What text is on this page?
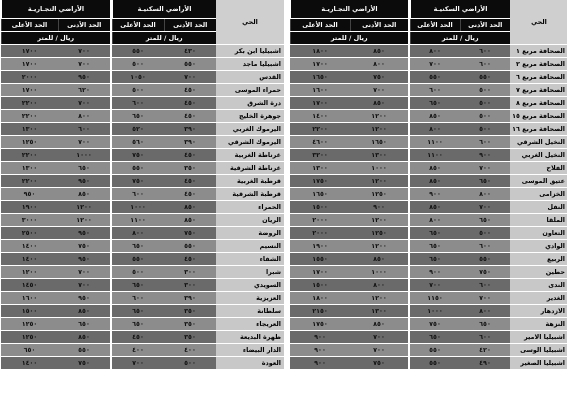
الحي	الأراضي السكنيـة			الأراضي التجـاريـة	
	الحد الأدنى	الحد الأعلى		الحد الأدنى	الحد الأعلى
	ريال / للمتر			ريال / للمتر	
الصحافة مربع ١	٦٠٠	٨٠٠		٨٥٠	١٨٠٠
الصحافة مربع ٢	٦٠٠	٧٠٠		٨٠٠	١٧٠٠
الصحافة مربع ٦	٥٥٠	٥٥٠		٧٥٠	١٦٥٠
الصحافة مربع ٧	٥٠٠	٦٠٠		٧٠٠	١٦٠٠
الصحافة مربع ٨	٥٠٠	٦٥٠		٨٥٠	١٧٠٠
الصحافة مربع ١٥	٥٠٠	٨٥٠		١٢٠٠	١٤٠٠
الصحافة مربع ١٦	٥٠٠	٨٠٠		١٢٠٠	٢٢٠٠
النخيل الشرقي	٦٠٠	١١٠٠		١٦٥٠	٤٦٠٠
النخيل الغربي	٩٠٠	١١٠٠		١٣٠٠	٣٢٠٠
الفلاح	٧٠٠	٨٥٠		١٠٠٠	١٣٠٠
عتيق الموسى	٦٥٠	٨٥٠		١٢٠٠	١٧٥٠
الخزامى	٨٠٠	٩٠٠		١٢٥٠	١٦٥٠
النفل	٧٠٠	٨٥٠		٩٠٠	١٥٠٠
الملقا	٦٥٠	٨٠٠		١٢٠٠	٢٠٠٠
التعاون	٥٠٠	٦٥٠		١٢٥٠	٢٠٠٠
الوادي	٦٠٠	٦٥٠		١٢٠٠	١٩٠٠
الربيع	٥٥٠	٦٥٠		٨٥٠	١٥٥٠
حطين	٧٥٠	٩٠٠		١٠٠٠	١٧٠٠
الندى	٦٠٠	٧٠٠		٨٠٠	١٥٠٠
الغدير	٧٠٠	١١٥٠		١٢٠٠	١٨٠٠
الازدهار	٨٠٠	١٠٠٠		١٣٠٠	٢١٥٠
النزهة	٦٥٠	٧٥٠		٨٥٠	١٧٥٠
اشبيليا الامير	٦٠٠	٦٥٠		٧٠٠	٩٠٠
اشبيليا الوسى	٤٢٠	٥٥٠		٧٠٠	٩٠٠
اشبيليا الصغير	٤٩٠	٥٥٠		٧٥٠	٩٠٠
الحي	الأراضي السكنيـة			الأراضي التجـاريـة	
	الحد الأدنى	الحد الأعلى		الحد الأدنى	الحد الأعلى
	ريال / للمتر			ريال / للمتر	
اشبيليا ابن بكر	٤٣٠	٥٥٠		٧٠٠	١٧٠٠
اشبيليا ماجد	٥٥٠	٥٠٠		٧٠٠	١٧٠٠
القدس	٧٠٠	١٠٥٠		٩٥٠	٢٠٠٠
حمراء الموسى	٤٥٠	٥٠٠		٦٢٠	١٧٠٠
درة الشرق	٤٥٠	٦٠٠		٧٠٠	٢٢٠٠
جوهرة الخليج	٤٥٠	٦٥٠		٨٠٠	٢٢٠٠
اليرموك الغربي	٣٩٠	٥٢٠		٦٠٠	١٣٠٠
اليرموك الشرقي	٣٩٠	٥٦٠		٧٠٠	١٢٥٠
غرناطة الغربية	٤٥٠	٧٥٠		١٠٠٠	٢٢٠٠
غرناطة الشرقية	٣٥٠	٥٥٠		٦٥٠	١٣٠٠
قرطبة الغربية	٤٥٠	٧٥٠		٩٥٠	٢٢٠٠
قرطبة الشرقية	٤٥٠	٦٠٠		٨٥٠	٩٥٠
الحمراء	٨٥٠	١٠٠٠		١٢٠٠	١٩٠٠
الريان	٨٥٠	١١٠٠		١٢٠٠	٣٠٠٠
الروضة	٧٥٠	٨٠٠		٩٥٠	٢٥٠٠
النسيم	٥٥٠	٦٥٠		٧٥٠	١٤٠٠
الشفاء	٤٥٠	٥٥٠		٩٥٠	١٤٠٠
شبرا	٣٠٠	٥٠٠		٧٠٠	١٢٠٠
السويدي	٣٠٠	٦٥٠		٧٠٠	١٤٥٠
العزيزية	٣٩٠	٦٠٠		٩٥٠	١٦٠٠
سلطانة	٣٥٠	٦٥٠		٨٥٠	١٥٠٠
العريجاء	٣٥٠	٦٥٠		٦٥٠	١٢٥٠
ظهرة البديعة	٣٥٠	٤٥٠		٨٥٠	١٢٥٠
الدار البيضاء	٤٠٠	٤٠٠		٥٥٠	٦٥٠
العودة	٥٠٠	٧٠٠		٧٥٠	١٤٠٠
